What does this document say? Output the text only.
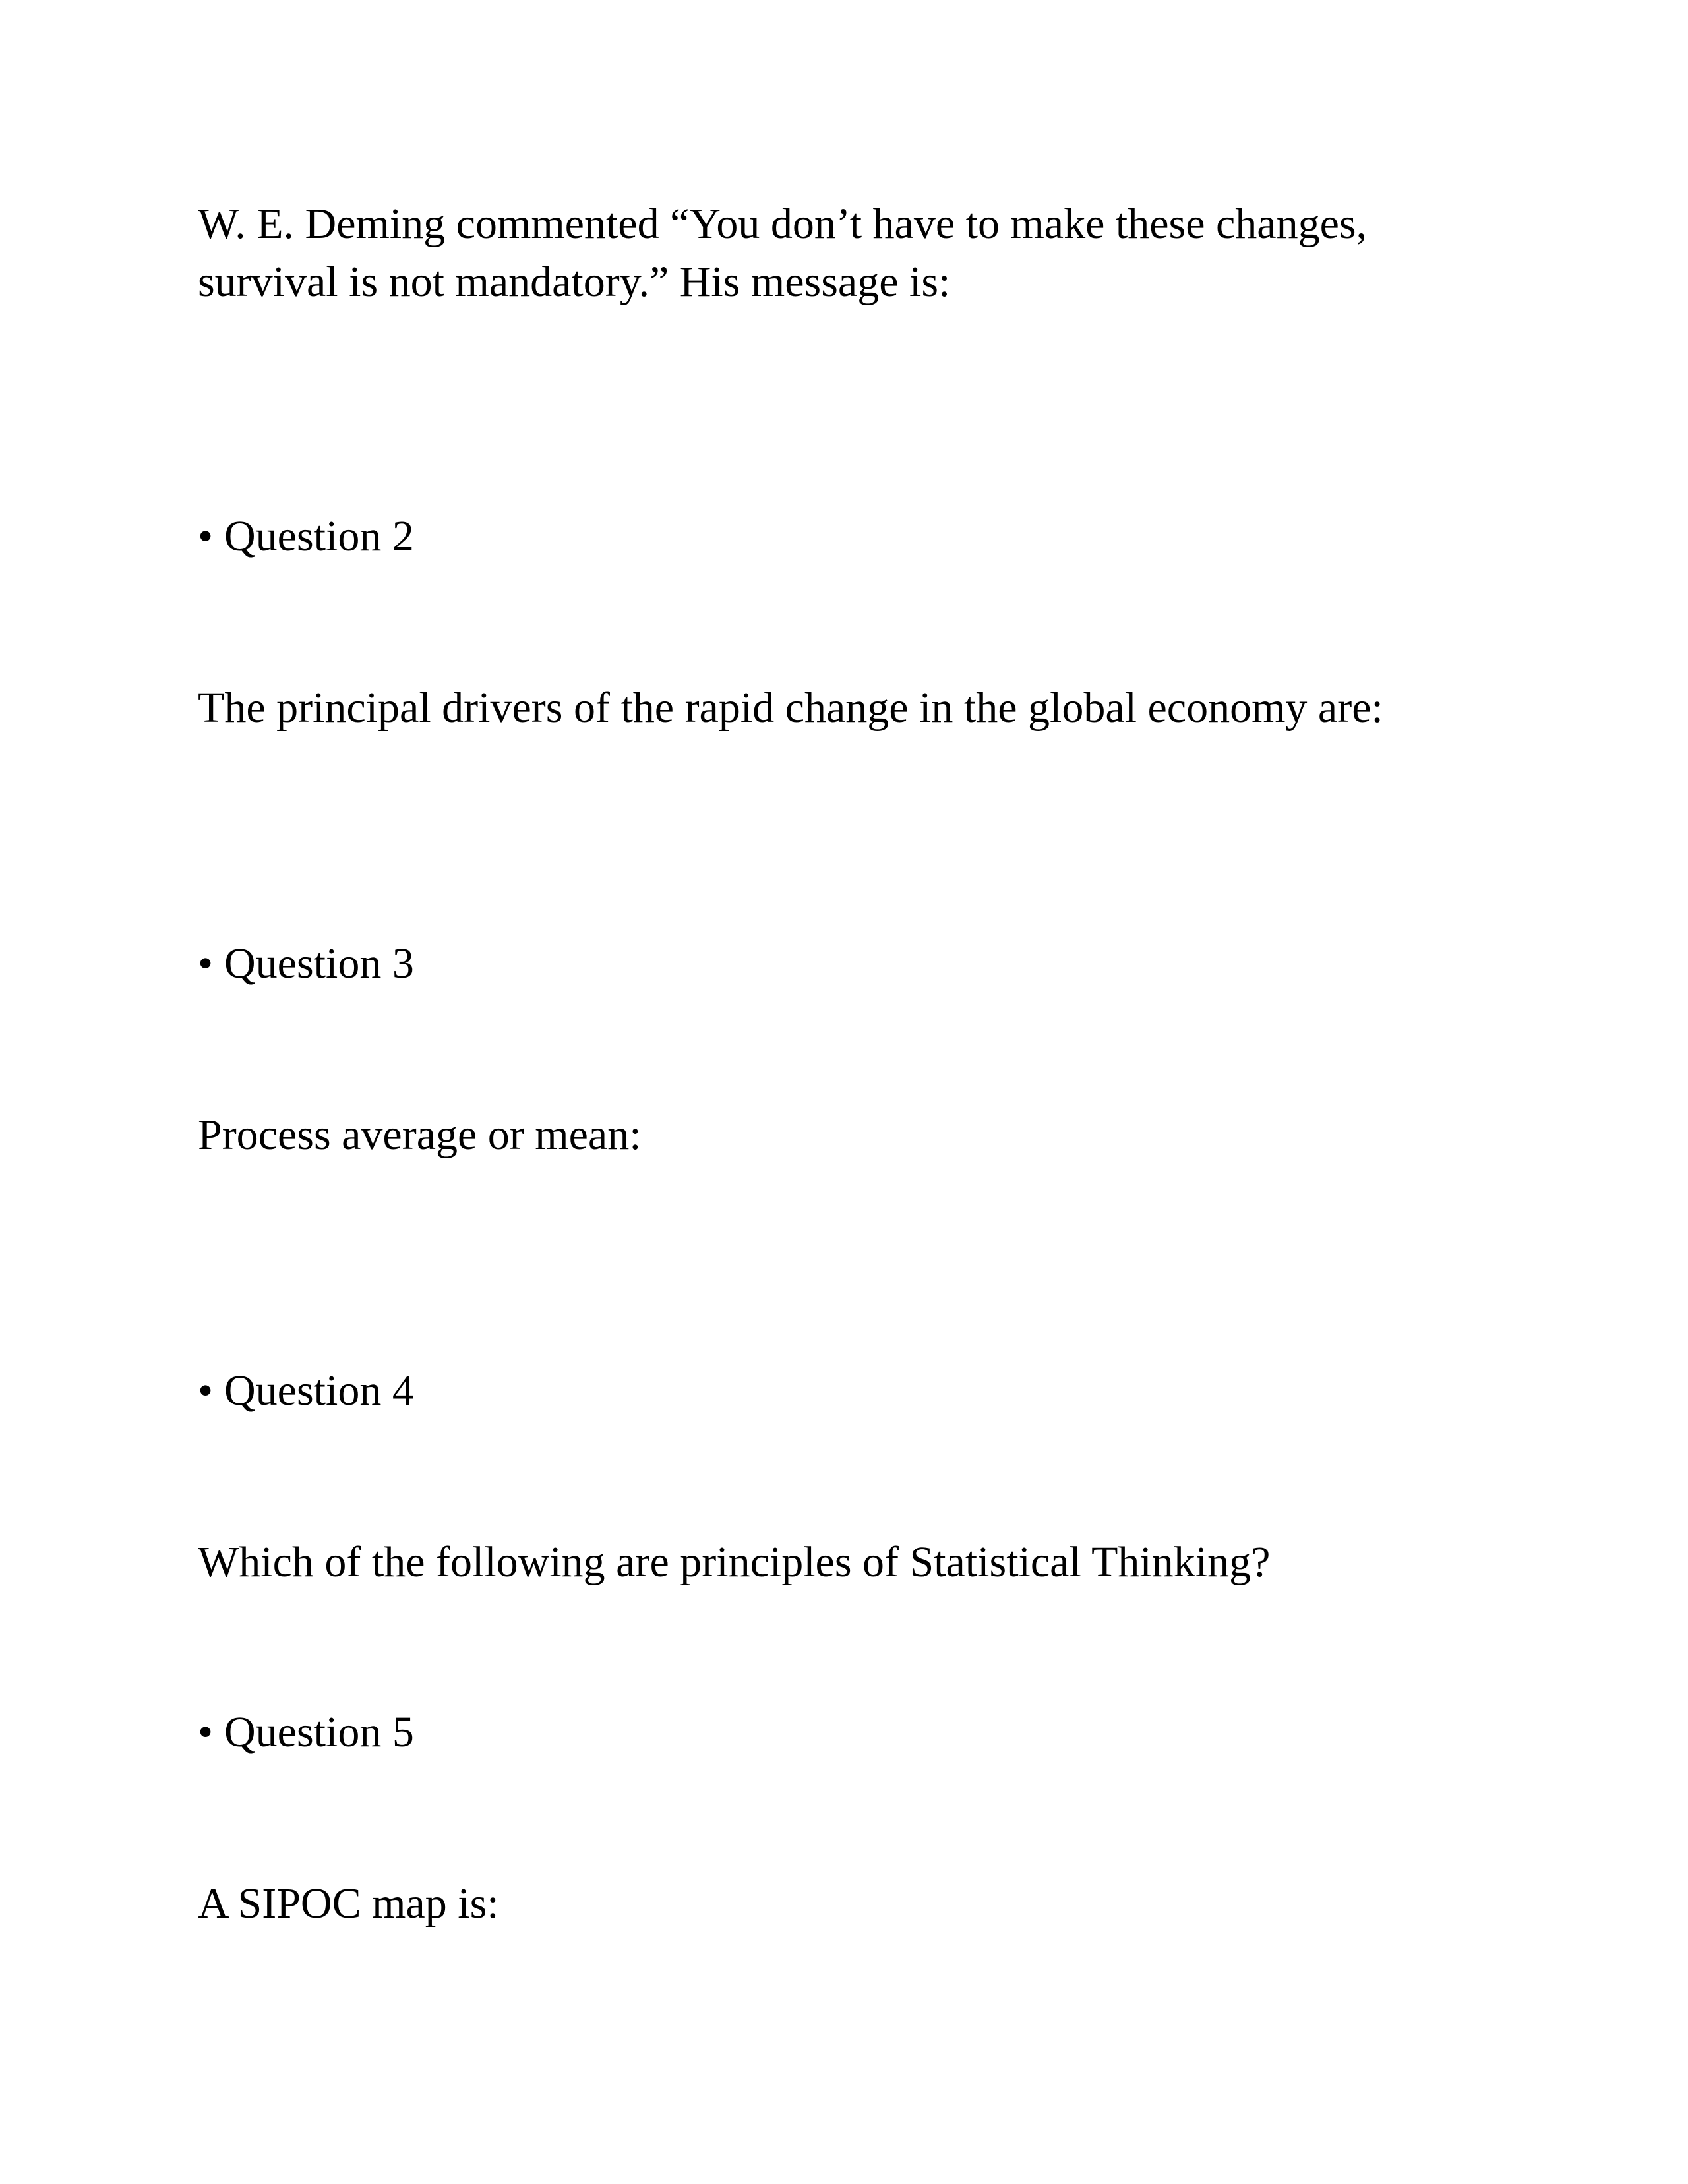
W. E. Deming commented “You don’t have to make these changes,

survival is not mandatory.” His message is:

• Question 2

The principal drivers of the rapid change in the global economy are:

• Question 3

Process average or mean:

• Question 4

Which of the following are principles of Statistical Thinking?

• Question 5

A SIPOC map is:
